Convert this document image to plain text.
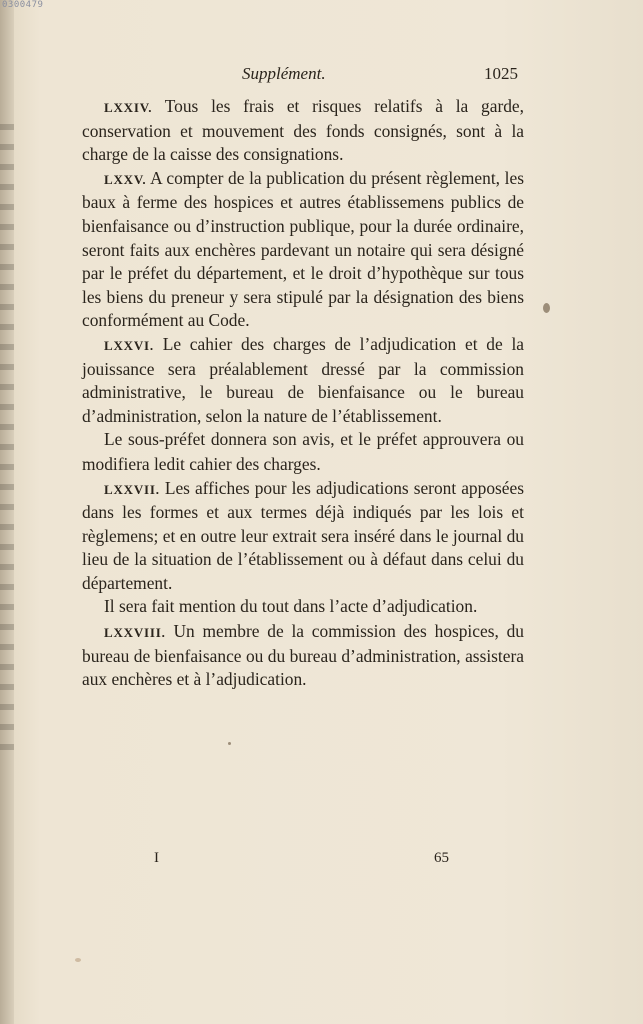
0300479
Supplément.	1025

LXXIV. Tous les frais et risques relatifs à la garde, conservation et mouvement des fonds consignés, sont à la charge de la caisse des consignations.

LXXV. A compter de la publication du présent règlement, les baux à ferme des hospices et autres établissemens publics de bienfaisance ou d’instruction publique, pour la durée ordinaire, seront faits aux enchères pardevant un notaire qui sera désigné par le préfet du département, et le droit d’hypothèque sur tous les biens du preneur y sera stipulé par la désignation des biens conformément au Code.

LXXVI. Le cahier des charges de l’adjudication et de la jouissance sera préalablement dressé par la commission administrative, le bureau de bienfaisance ou le bureau d’administration, selon la nature de l’établissement.

Le sous-préfet donnera son avis, et le préfet approuvera ou modifiera ledit cahier des charges.

LXXVII. Les affiches pour les adjudications seront apposées dans les formes et aux termes déjà indiqués par les lois et règlemens; et en outre leur extrait sera inséré dans le journal du lieu de la situation de l’établissement ou à défaut dans celui du département.

Il sera fait mention du tout dans l’acte d’adjudication.

LXXVIII. Un membre de la commission des hospices, du bureau de bienfaisance ou du bureau d’administration, assistera aux enchères et à l’adjudication.

I	65
